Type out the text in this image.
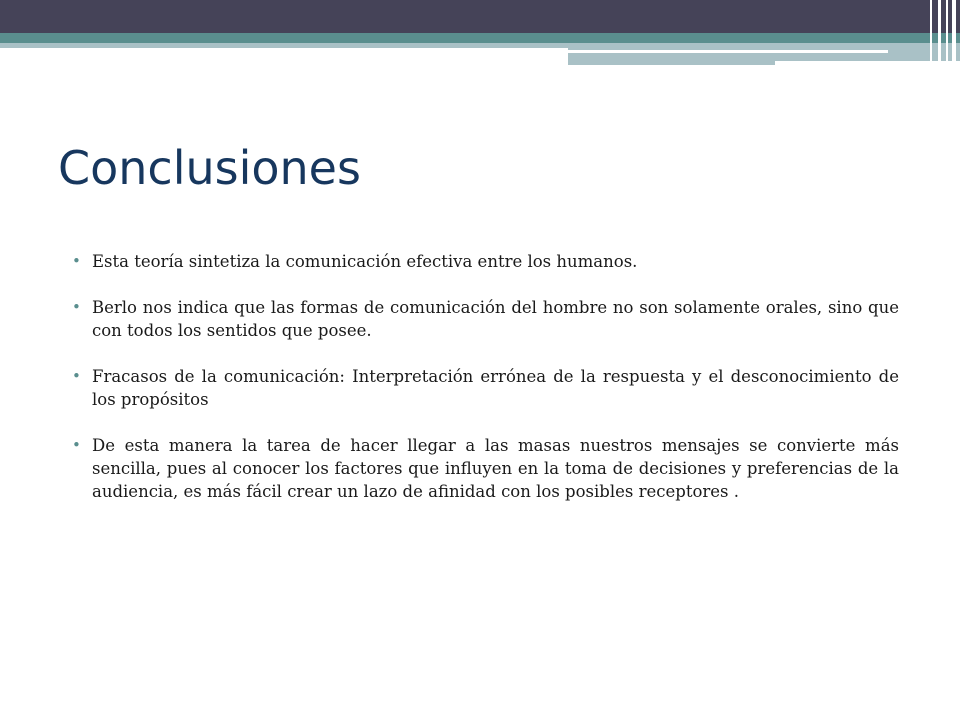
Conclusiones
• Esta teoría sintetiza la comunicación efectiva entre los humanos.
• Berlo nos indica que las formas de comunicación del hombre no son solamente orales, sino que con todos los sentidos que posee.
• Fracasos de la comunicación: Interpretación errónea de la respuesta y el desconocimiento de los propósitos
• De esta manera la tarea de hacer llegar a las masas nuestros mensajes se convierte más sencilla, pues al conocer los factores que influyen en la toma de decisiones y preferencias de la audiencia, es más fácil crear un lazo de afinidad con los posibles receptores .
